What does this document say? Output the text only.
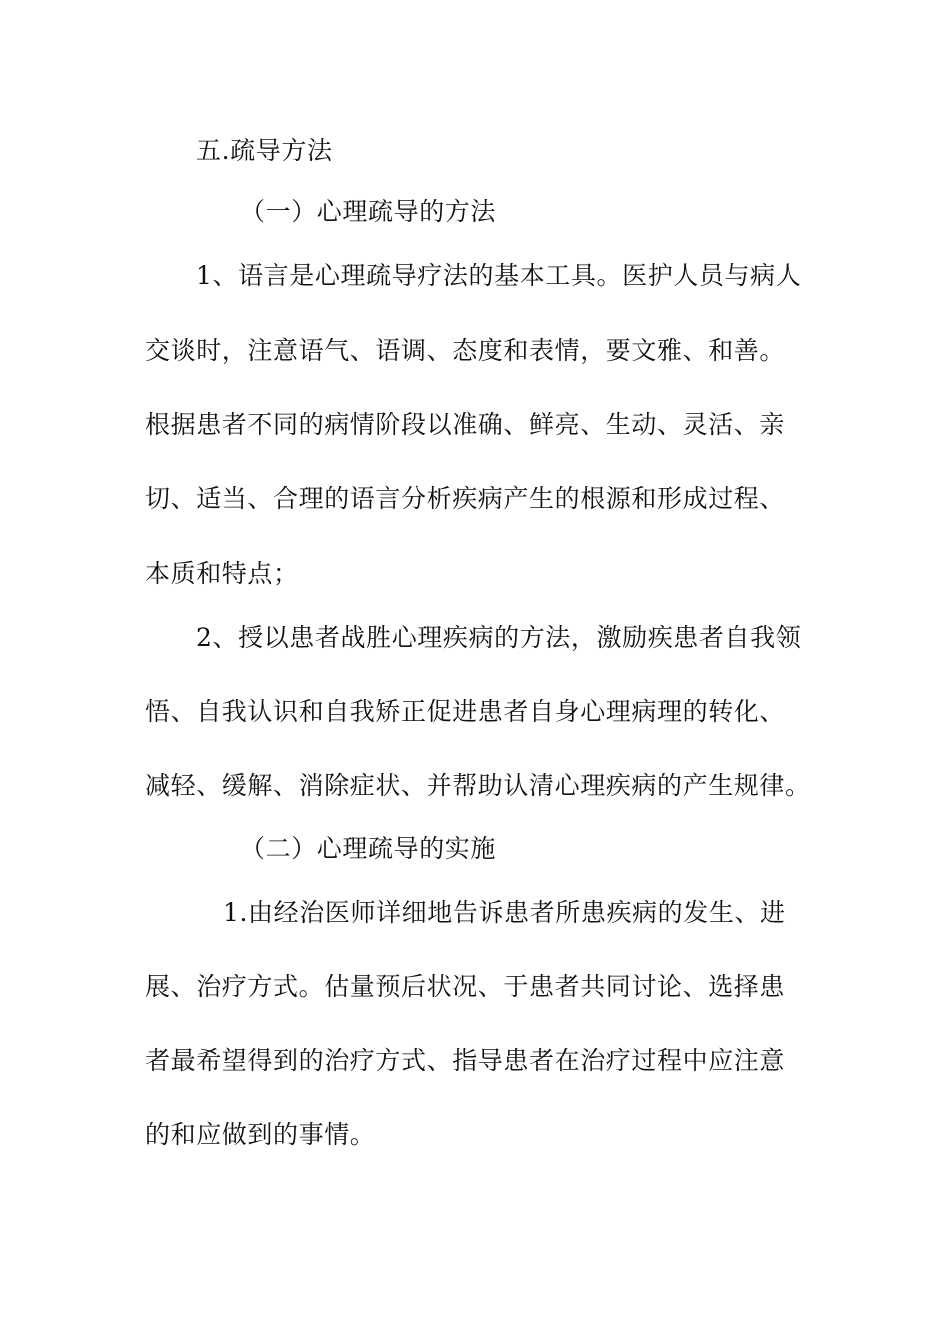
五.疏导方法
（一）心理疏导的方法
1、语言是心理疏导疗法的基本工具。医护人员与病人
交谈时，注意语气、语调、态度和表情，要文雅、和善。
根据患者不同的病情阶段以准确、鲜亮、生动、灵活、亲
切、适当、合理的语言分析疾病产生的根源和形成过程、
本质和特点；
2、授以患者战胜心理疾病的方法，激励疾患者自我领
悟、自我认识和自我矫正促进患者自身心理病理的转化、
减轻、缓解、消除症状、并帮助认清心理疾病的产生规律。
（二）心理疏导的实施
1.由经治医师详细地告诉患者所患疾病的发生、进
展、治疗方式。估量预后状况、于患者共同讨论、选择患
者最希望得到的治疗方式、指导患者在治疗过程中应注意
的和应做到的事情。
